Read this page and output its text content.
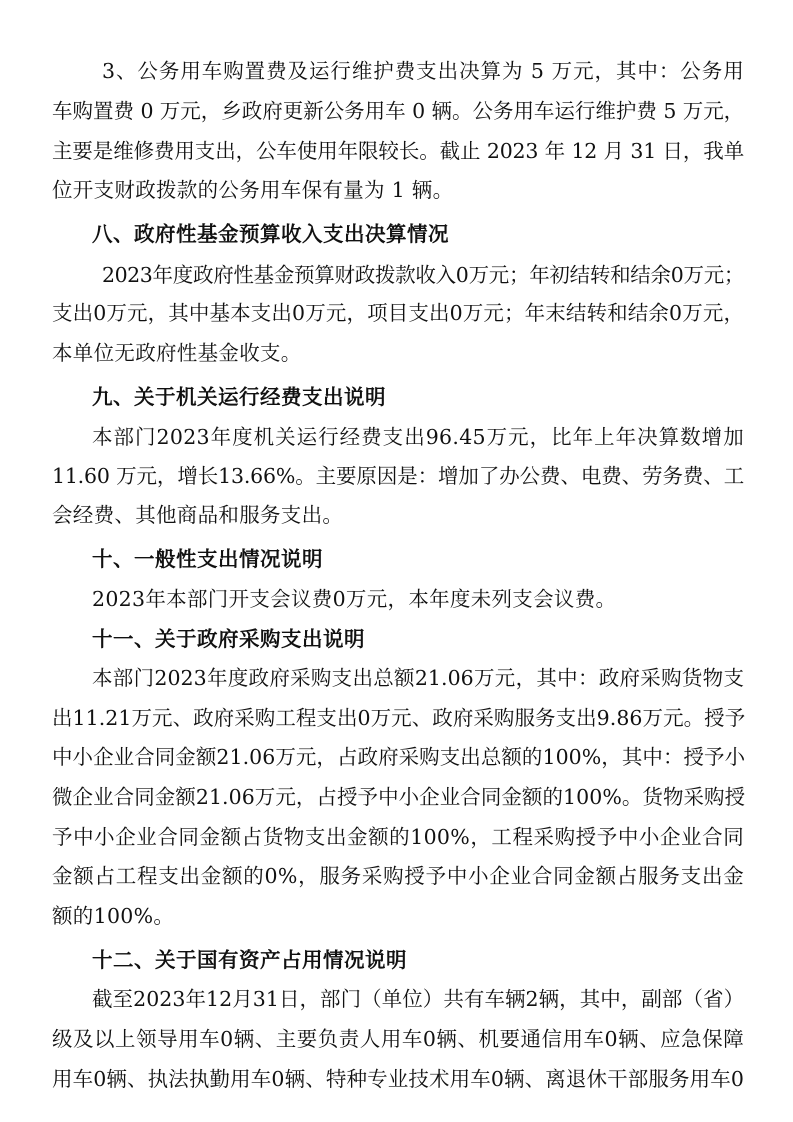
3、公务用车购置费及运行维护费支出决算为 5 万元，其中：公务用
车购置费 0 万元，乡政府更新公务用车 0 辆。公务用车运行维护费 5 万元，
主要是维修费用支出，公车使用年限较长。截止 2023 年 12 月 31 日，我单
位开支财政拨款的公务用车保有量为 1 辆。
八、政府性基金预算收入支出决算情况
2023年度政府性基金预算财政拨款收入0万元；年初结转和结余0万元；
支出0万元，其中基本支出0万元，项目支出0万元；年末结转和结余0万元，
本单位无政府性基金收支。
九、关于机关运行经费支出说明
本部门2023年度机关运行经费支出96.45万元，比年上年决算数增加
11.60 万元，增长13.66%。主要原因是：增加了办公费、电费、劳务费、工
会经费、其他商品和服务支出。
十、一般性支出情况说明
2023年本部门开支会议费0万元，本年度未列支会议费。
十一、关于政府采购支出说明
本部门2023年度政府采购支出总额21.06万元，其中：政府采购货物支
出11.21万元、政府采购工程支出0万元、政府采购服务支出9.86万元。授予
中小企业合同金额21.06万元，占政府采购支出总额的100%，其中：授予小
微企业合同金额21.06万元，占授予中小企业合同金额的100%。货物采购授
予中小企业合同金额占货物支出金额的100%，工程采购授予中小企业合同
金额占工程支出金额的0%，服务采购授予中小企业合同金额占服务支出金
额的100%。
十二、关于国有资产占用情况说明
截至2023年12月31日，部门（单位）共有车辆2辆，其中，副部（省）
级及以上领导用车0辆、主要负责人用车0辆、机要通信用车0辆、应急保障
用车0辆、执法执勤用车0辆、特种专业技术用车0辆、离退休干部服务用车0
